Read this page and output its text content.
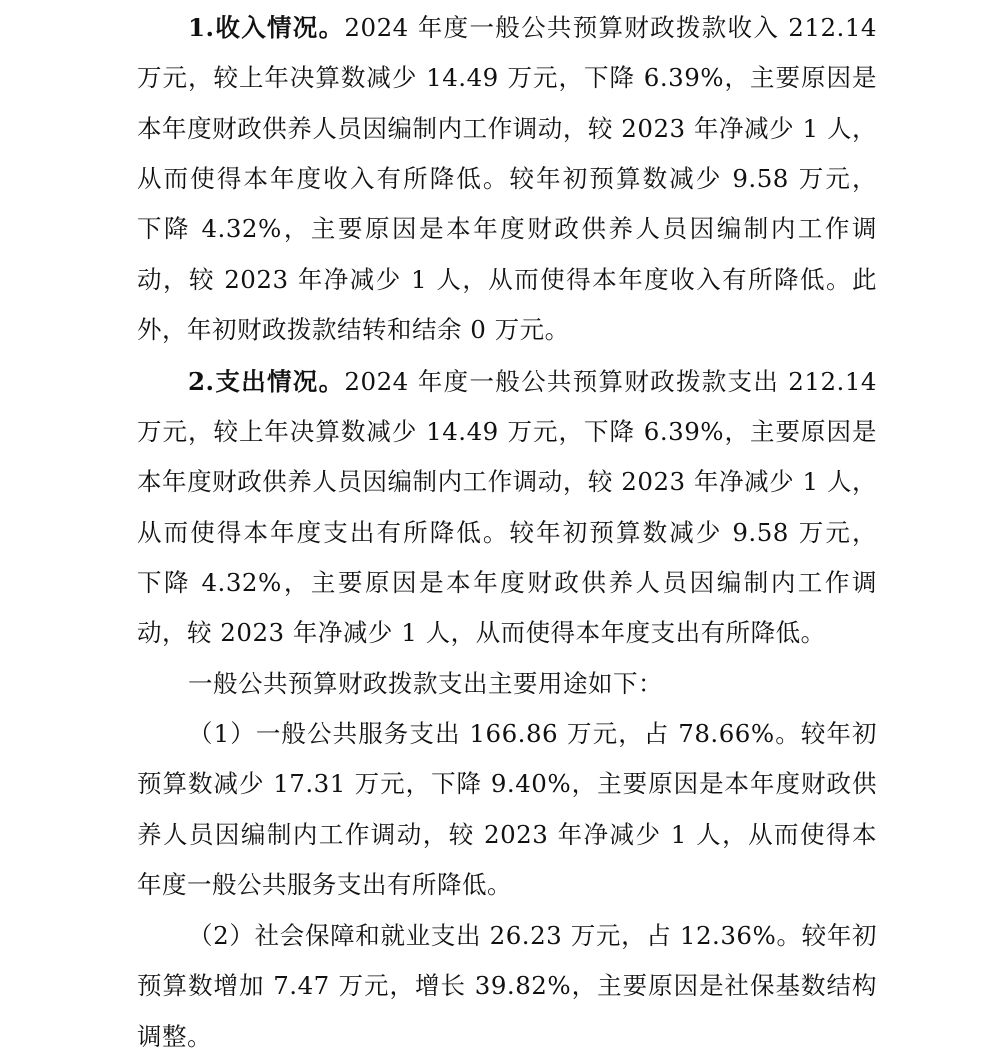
1.收入情况。2024 年度一般公共预算财政拨款收入 212.14
万元，较上年决算数减少 14.49 万元，下降 6.39%，主要原因是
本年度财政供养人员因编制内工作调动，较 2023 年净减少 1 人，
从而使得本年度收入有所降低。较年初预算数减少 9.58 万元，
下降 4.32%，主要原因是本年度财政供养人员因编制内工作调
动，较 2023 年净减少 1 人，从而使得本年度收入有所降低。此
外，年初财政拨款结转和结余 0 万元。
2.支出情况。2024 年度一般公共预算财政拨款支出 212.14
万元，较上年决算数减少 14.49 万元，下降 6.39%，主要原因是
本年度财政供养人员因编制内工作调动，较 2023 年净减少 1 人，
从而使得本年度支出有所降低。较年初预算数减少 9.58 万元，
下降 4.32%，主要原因是本年度财政供养人员因编制内工作调
动，较 2023 年净减少 1 人，从而使得本年度支出有所降低。
一般公共预算财政拨款支出主要用途如下：
（1）一般公共服务支出 166.86 万元，占 78.66%。较年初
预算数减少 17.31 万元，下降 9.40%，主要原因是本年度财政供
养人员因编制内工作调动，较 2023 年净减少 1 人，从而使得本
年度一般公共服务支出有所降低。
（2）社会保障和就业支出 26.23 万元，占 12.36%。较年初
预算数增加 7.47 万元，增长 39.82%，主要原因是社保基数结构
调整。
